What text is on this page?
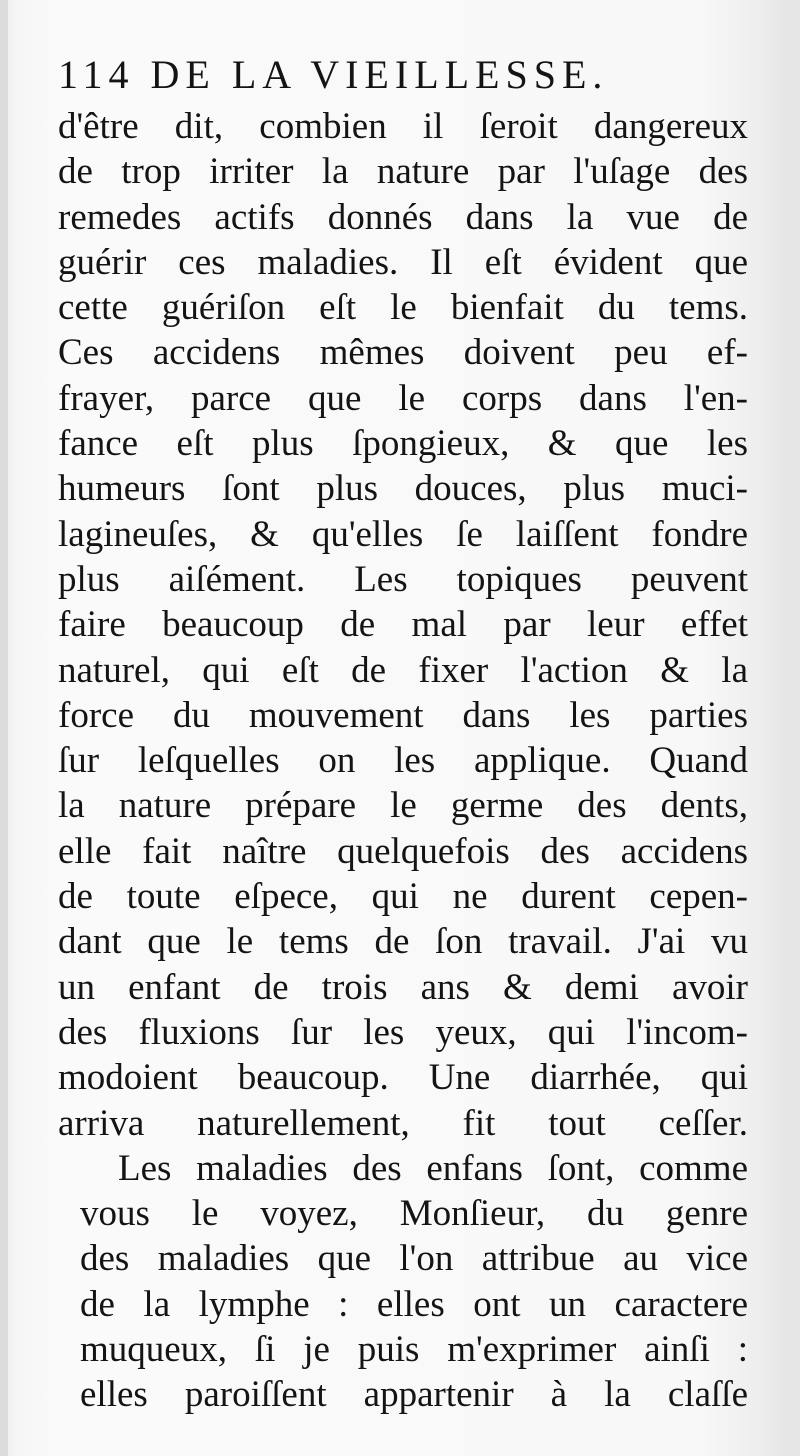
114 DE LA VIEILLESSE.
d'être dit, combien il ſeroit dangereux
de trop irriter la nature par l'uſage des
remedes actifs donnés dans la vue de
guérir ces maladies. Il eſt évident que
cette guériſon eſt le bienfait du tems.
Ces accidens mêmes doivent peu ef-
frayer, parce que le corps dans l'en-
fance eſt plus ſpongieux, & que les
humeurs ſont plus douces, plus muci-
lagineuſes, & qu'elles ſe laiſſent fondre
plus aiſément. Les topiques peuvent
faire beaucoup de mal par leur effet
naturel, qui eſt de fixer l'action & la
force du mouvement dans les parties
ſur leſquelles on les applique. Quand
la nature prépare le germe des dents,
elle fait naître quelquefois des accidens
de toute eſpece, qui ne durent cepen-
dant que le tems de ſon travail. J'ai vu
un enfant de trois ans & demi avoir
des fluxions ſur les yeux, qui l'incom-
modoient beaucoup. Une diarrhée, qui
arriva naturellement, fit tout ceſſer.
Les maladies des enfans ſont, comme
vous le voyez, Monſieur, du genre
des maladies que l'on attribue au vice
de la lymphe : elles ont un caractere
muqueux, ſi je puis m'exprimer ainſi :
elles paroiſſent appartenir à la claſſe
